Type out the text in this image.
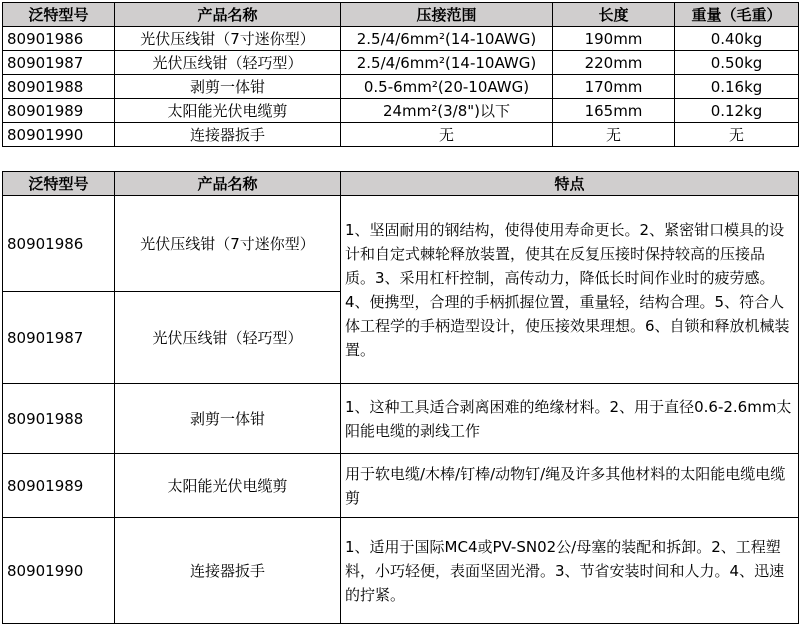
泛特型号	产品名称	压接范围	长度	重量（毛重）
80901986	光伏压线钳（7寸迷你型）	2.5/4/6mm²(14-10AWG)	190mm	0.40kg
80901987	光伏压线钳（轻巧型）	2.5/4/6mm²(14-10AWG)	220mm	0.50kg
80901988	剥剪一体钳	0.5-6mm²(20-10AWG)	170mm	0.16kg
80901989	太阳能光伏电缆剪	24mm²(3/8")以下	165mm	0.12kg
80901990	连接器扳手	无	无	无
泛特型号	产品名称	特点
80901986	光伏压线钳（7寸迷你型）	1、坚固耐用的钢结构，使得使用寿命更长。2、紧密钳口模具的设计和自定式棘轮释放装置，使其在反复压接时保持较高的压接品质。3、采用杠杆控制，高传动力，降低长时间作业时的疲劳感。4、便携型，合理的手柄抓握位置，重量轻，结构合理。5、符合人体工程学的手柄造型设计，使压接效果理想。6、自锁和释放机械装置。
80901987	光伏压线钳（轻巧型）	
80901988	剥剪一体钳	1、这种工具适合剥离困难的绝缘材料。2、用于直径0.6-2.6mm太阳能电缆的剥线工作
80901989	太阳能光伏电缆剪	用于软电缆/木棒/钉棒/动物钉/绳及许多其他材料的太阳能电缆电缆剪
80901990	连接器扳手	1、适用于国际MC4或PV-SN02公/母塞的装配和拆卸。2、工程塑料，小巧轻便，表面坚固光滑。3、节省安装时间和人力。4、迅速的拧紧。
